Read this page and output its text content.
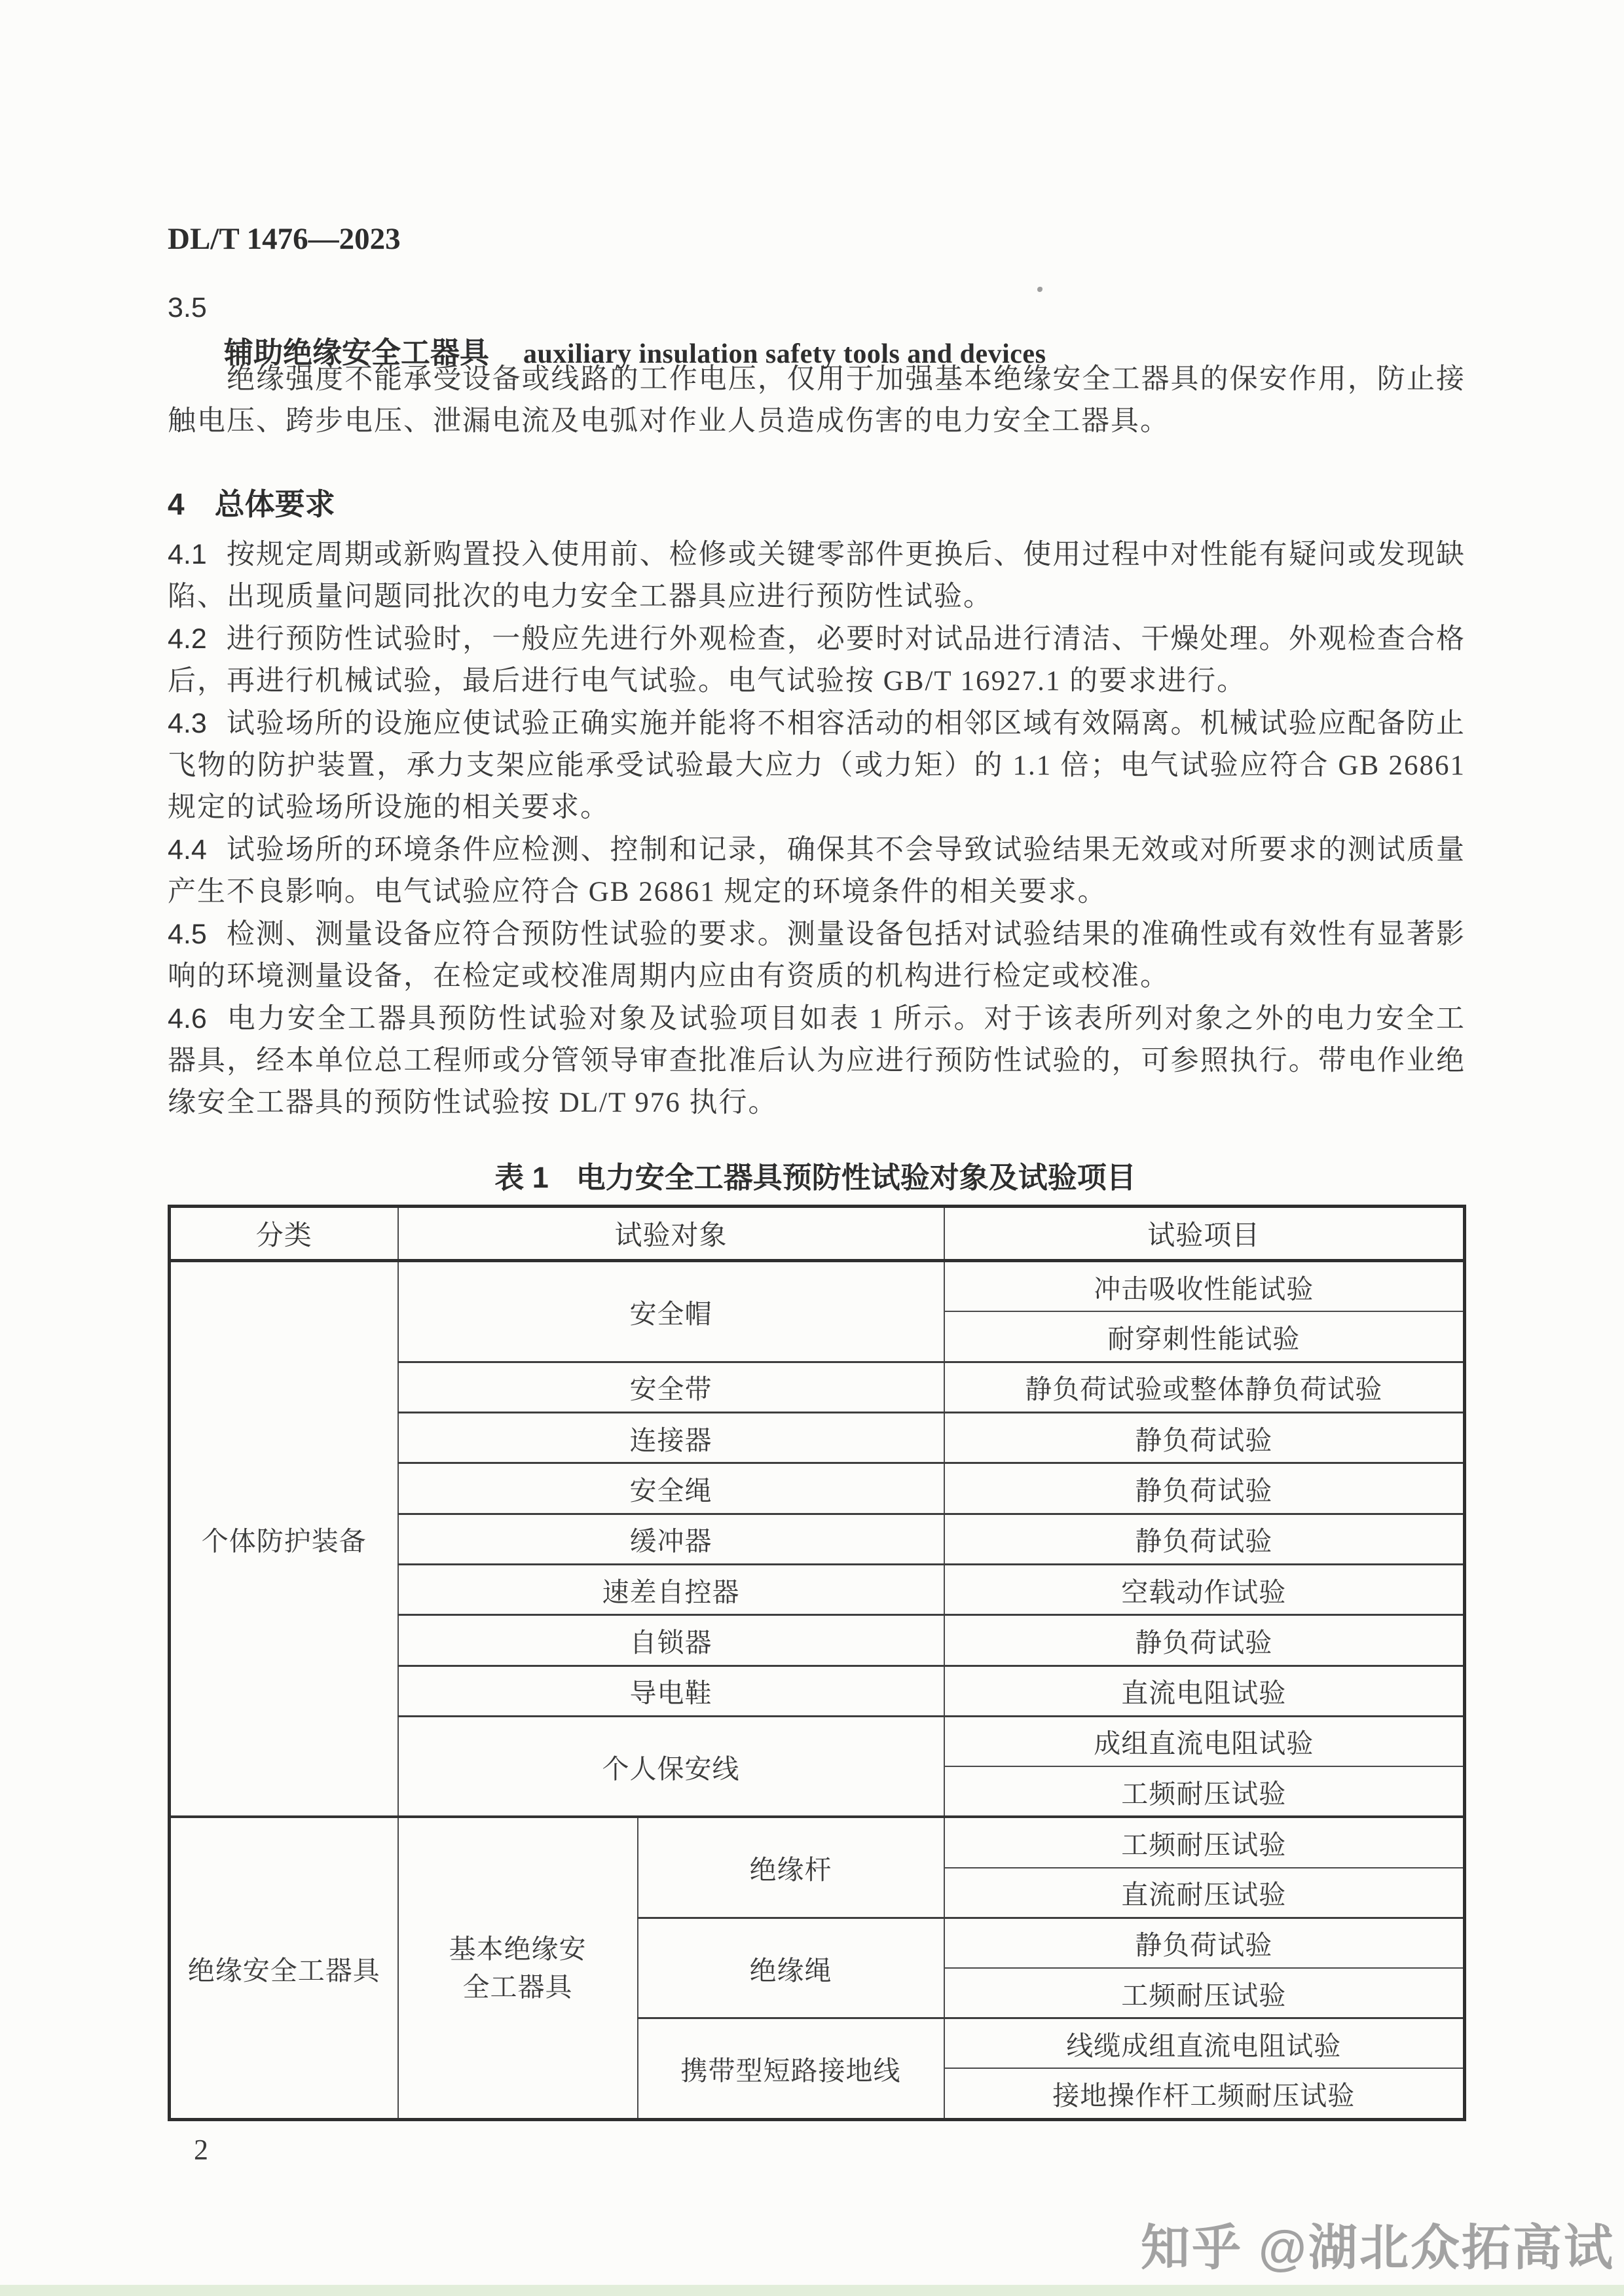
DL/T 1476—2023
3.5
辅助绝缘安全工器具 auxiliary insulation safety tools and devices
绝缘强度不能承受设备或线路的工作电压，仅用于加强基本绝缘安全工器具的保安作用，防止接触电压、跨步电压、泄漏电流及电弧对作业人员造成伤害的电力安全工器具。
4 总体要求

4.1 按规定周期或新购置投入使用前、检修或关键零部件更换后、使用过程中对性能有疑问或发现缺陷、出现质量问题同批次的电力安全工器具应进行预防性试验。

4.2 进行预防性试验时，一般应先进行外观检查，必要时对试品进行清洁、干燥处理。外观检查合格后，再进行机械试验，最后进行电气试验。电气试验按 GB/T 16927.1 的要求进行。

4.3 试验场所的设施应使试验正确实施并能将不相容活动的相邻区域有效隔离。机械试验应配备防止飞物的防护装置，承力支架应能承受试验最大应力（或力矩）的 1.1 倍；电气试验应符合 GB 26861 规定的试验场所设施的相关要求。

4.4 试验场所的环境条件应检测、控制和记录，确保其不会导致试验结果无效或对所要求的测试质量产生不良影响。电气试验应符合 GB 26861 规定的环境条件的相关要求。

4.5 检测、测量设备应符合预防性试验的要求。测量设备包括对试验结果的准确性或有效性有显著影响的环境测量设备，在检定或校准周期内应由有资质的机构进行检定或校准。

4.6 电力安全工器具预防性试验对象及试验项目如表 1 所示。对于该表所列对象之外的电力安全工器具，经本单位总工程师或分管领导审查批准后认为应进行预防性试验的，可参照执行。带电作业绝缘安全工器具的预防性试验按 DL/T 976 执行。

表 1 电力安全工器具预防性试验对象及试验项目
分类	试验对象		试验项目
个体防护装备	安全帽		冲击吸收性能试验
			耐穿刺性能试验
	安全带		静负荷试验或整体静负荷试验
	连接器		静负荷试验
	安全绳		静负荷试验
	缓冲器		静负荷试验
	速差自控器		空载动作试验
	自锁器		静负荷试验
	导电鞋		直流电阻试验
	个人保安线		成组直流电阻试验
			工频耐压试验
绝缘安全工器具	基本绝缘安全工器具	绝缘杆	工频耐压试验
			直流耐压试验
		绝缘绳	静负荷试验
			工频耐压试验
		携带型短路接地线	线缆成组直流电阻试验
			接地操作杆工频耐压试验
2
知乎 @湖北众拓高试
